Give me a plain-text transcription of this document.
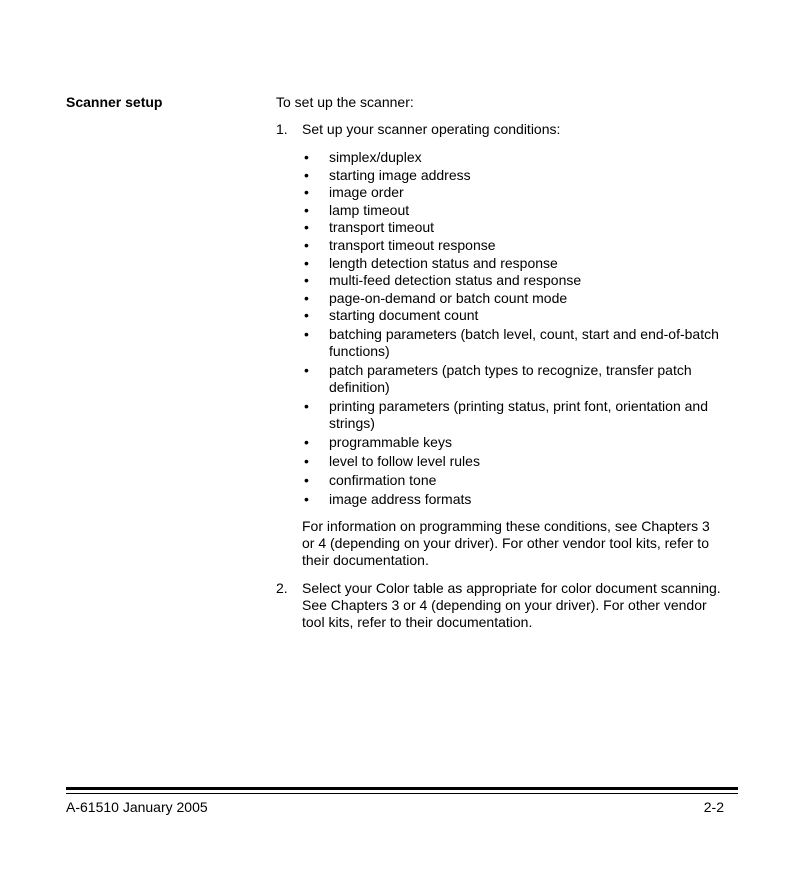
Scanner setup	To set up the scanner:

1. Set up your scanner operating conditions:

• simplex/duplex
• starting image address
• image order
• lamp timeout
• transport timeout
• transport timeout response
• length detection status and response
• multi-feed detection status and response
• page-on-demand or batch count mode
• starting document count
• batching parameters (batch level, count, start and end-of-batch functions)
• patch parameters (patch types to recognize, transfer patch definition)
• printing parameters (printing status, print font, orientation and strings)
• programmable keys
• level to follow level rules
• confirmation tone
• image address formats

For information on programming these conditions, see Chapters 3 or 4 (depending on your driver). For other vendor tool kits, refer to their documentation.

2. Select your Color table as appropriate for color document scanning. See Chapters 3 or 4 (depending on your driver). For other vendor tool kits, refer to their documentation.

A-61510 January 2005	2-2
